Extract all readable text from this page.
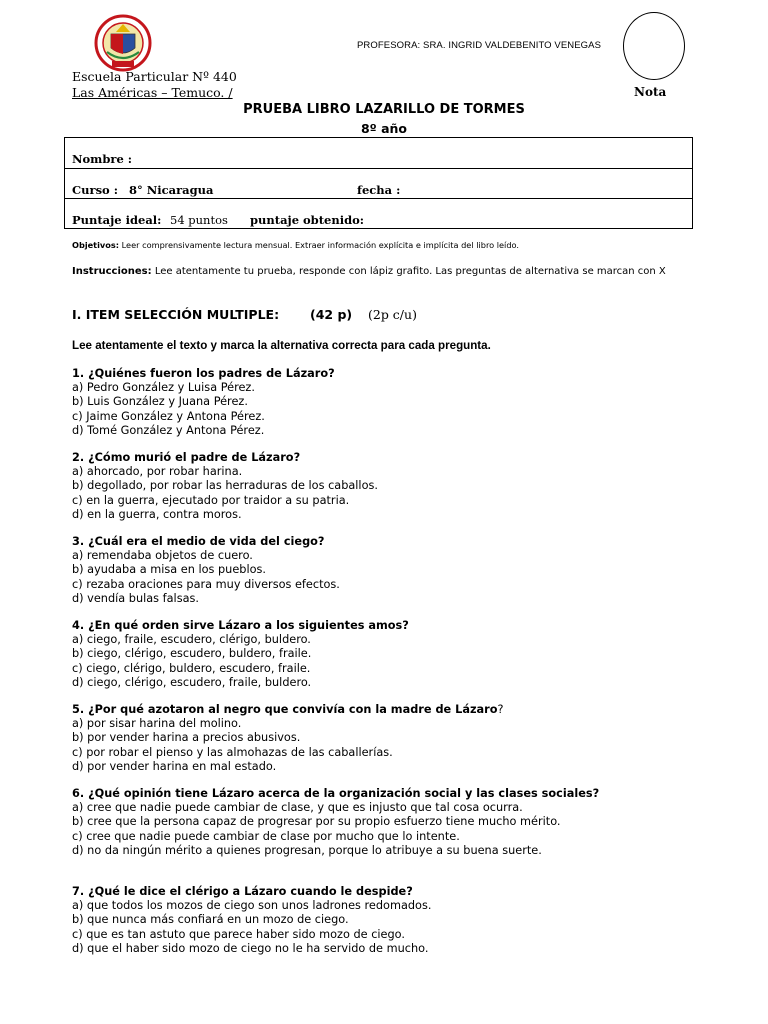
PROFESORA: SRA. INGRID VALDEBENITO VENEGAS
Escuela Particular Nº 440
Las Américas – Temuco. /	Nota
PRUEBA LIBRO LAZARILLO DE TORMES
8º año
Nombre :
Curso : 8° Nicaragua	fecha :
Puntaje ideal: 54 puntos puntaje obtenido:
Objetivos: Leer comprensivamente lectura mensual. Extraer información explícita e implícita del libro leído.
Instrucciones: Lee atentamente tu prueba, responde con lápiz grafito. Las preguntas de alternativa se marcan con X
I. ITEM SELECCIÓN MULTIPLE: (42 p) (2p c/u)
Lee atentamente el texto y marca la alternativa correcta para cada pregunta.
1. ¿Quiénes fueron los padres de Lázaro?
a) Pedro González y Luisa Pérez.
b) Luis González y Juana Pérez.
c) Jaime González y Antona Pérez.
d) Tomé González y Antona Pérez.
2. ¿Cómo murió el padre de Lázaro?
a) ahorcado, por robar harina.
b) degollado, por robar las herraduras de los caballos.
c) en la guerra, ejecutado por traidor a su patria.
d) en la guerra, contra moros.
3. ¿Cuál era el medio de vida del ciego?
a) remendaba objetos de cuero.
b) ayudaba a misa en los pueblos.
c) rezaba oraciones para muy diversos efectos.
d) vendía bulas falsas.
4. ¿En qué orden sirve Lázaro a los siguientes amos?
a) ciego, fraile, escudero, clérigo, buldero.
b) ciego, clérigo, escudero, buldero, fraile.
c) ciego, clérigo, buldero, escudero, fraile.
d) ciego, clérigo, escudero, fraile, buldero.
5. ¿Por qué azotaron al negro que convivía con la madre de Lázaro?
a) por sisar harina del molino.
b) por vender harina a precios abusivos.
c) por robar el pienso y las almohazas de las caballerías.
d) por vender harina en mal estado.
6. ¿Qué opinión tiene Lázaro acerca de la organización social y las clases sociales?
a) cree que nadie puede cambiar de clase, y que es injusto que tal cosa ocurra.
b) cree que la persona capaz de progresar por su propio esfuerzo tiene mucho mérito.
c) cree que nadie puede cambiar de clase por mucho que lo intente.
d) no da ningún mérito a quienes progresan, porque lo atribuye a su buena suerte.
7. ¿Qué le dice el clérigo a Lázaro cuando le despide?
a) que todos los mozos de ciego son unos ladrones redomados.
b) que nunca más confiará en un mozo de ciego.
c) que es tan astuto que parece haber sido mozo de ciego.
d) que el haber sido mozo de ciego no le ha servido de mucho.
